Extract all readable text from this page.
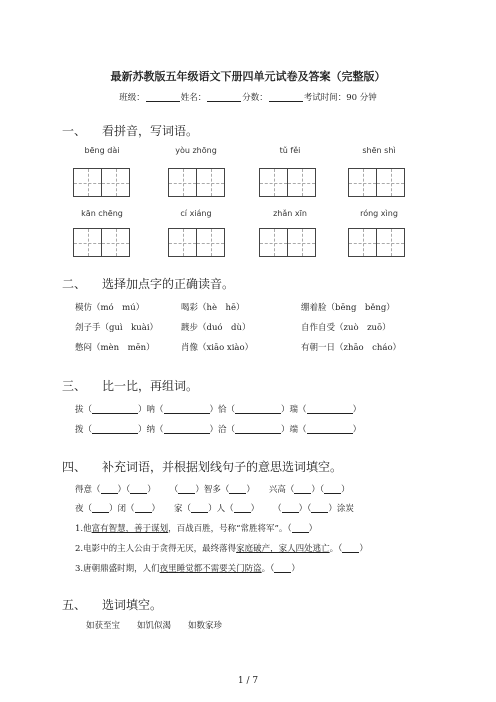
最新苏教版五年级语文下册四单元试卷及答案（完整版）
班级：	姓名：	分数：	考试时间：90 分钟
一、 看拼音，写词语。
bēng dài	yòu zhōng	tǔ fěi	shēn shì
kān chēng	cí xiáng	zhǎn xīn	róng xìng
二、 选择加点字的正确读音。
模仿（mó　mú）	喝彩（hè　hē）	绷着脸（bēng　běng）
刽子手（guì　kuài）	踱步（duó　dù）	自作自受（zuò　zuō）
憋闷（mèn　mēn）	肖像（xiāo xiào）	有朝一日（zhāo　cháo）
三、 比一比，再组词。
拔（	）呐（	）恰（	）瑞（	）
拨（	）纳（	）洽（	）端（	）
四、 补充词语，并根据划线句子的意思选词填空。
得意（ ）（ ） （ ）智多（ ） 兴高（ ）（ ）
夜（ ）闭（ ） 家（ ）人（ ） （ ）（ ）涂炭
1.他富有智慧，善于谋划，百战百胜，号称“常胜将军”。（ ）
2.电影中的主人公由于贪得无厌，最终落得家庭破产，家人四处逃亡。（ ）
3.唐朝鼎盛时期，人们夜里睡觉都不需要关门防盗。（ ）
五、 选词填空。
如获至宝　　如饥似渴　　如数家珍
1 / 7
